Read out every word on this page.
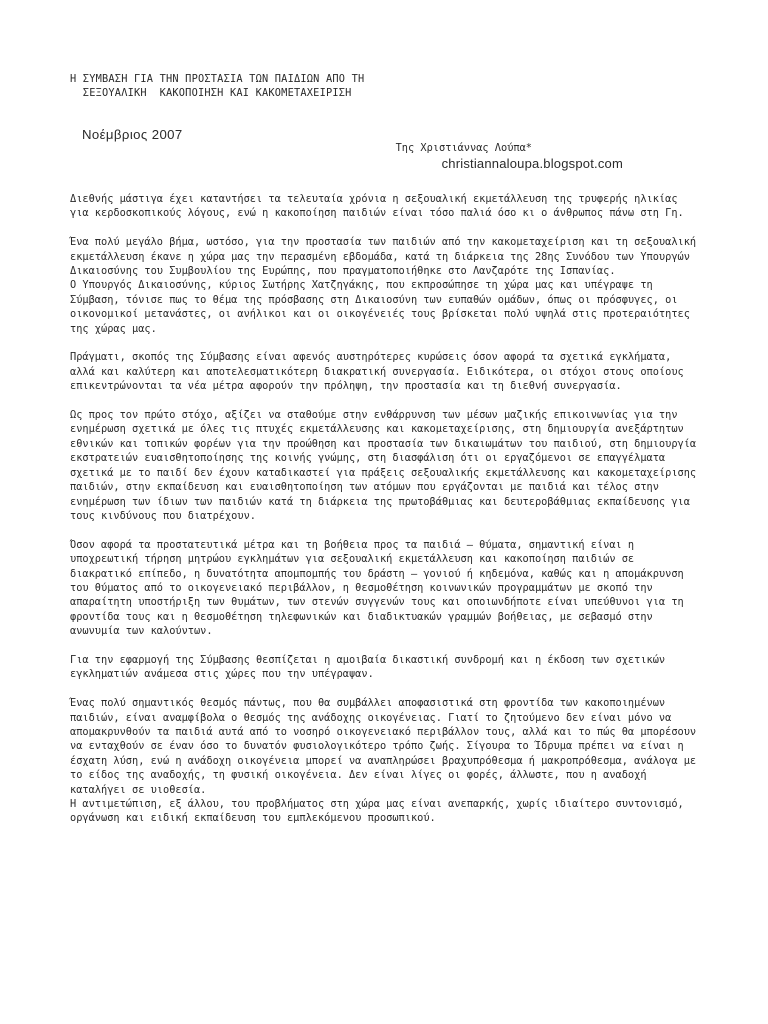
Η ΣΥΜΒΑΣΗ ΓΙΑ ΤΗΝ ΠΡΟΣΤΑΣΙΑ ΤΩΝ ΠΑΙΔΙΩΝ ΑΠΟ ΤΗ
ΣΕΞΟΥΑΛΙΚΗ  ΚΑΚΟΠΟΙΗΣΗ ΚΑΙ ΚΑΚΟΜΕΤΑΧΕΙΡΙΣΗ
Νοέμβριος 2007
Της Χριστιάννας Λούπα*
christiannaloupa.blogspot.com

Διεθνής μάστιγα έχει καταντήσει τα τελευταία χρόνια η σεξουαλική εκμετάλλευση της τρυφερής ηλικίας για κερδοσκοπικούς λόγους, ενώ η κακοποίηση παιδιών είναι τόσο παλιά όσο κι ο άνθρωπος πάνω στη Γη.

Ένα πολύ μεγάλο βήμα, ωστόσο, για την προστασία των παιδιών από την κακομεταχείριση και τη σεξουαλική εκμετάλλευση έκανε η χώρα μας την περασμένη εβδομάδα, κατά τη διάρκεια της 28ης Συνόδου των Υπουργών Δικαιοσύνης του Συμβουλίου της Ευρώπης, που πραγματοποιήθηκε στο Λανζαρότε της Ισπανίας.

Ο Υπουργός Δικαιοσύνης, κύριος Σωτήρης Χατζηγάκης, που εκπροσώπησε τη χώρα μας και υπέγραψε τη Σύμβαση, τόνισε πως το θέμα της πρόσβασης στη Δικαιοσύνη των ευπαθών ομάδων, όπως οι πρόσφυγες, οι οικονομικοί μετανάστες, οι ανήλικοι και οι οικογένειές τους βρίσκεται πολύ υψηλά στις προτεραιότητες της χώρας μας.

Πράγματι, σκοπός της Σύμβασης είναι αφενός αυστηρότερες κυρώσεις όσον αφορά τα σχετικά εγκλήματα, αλλά και καλύτερη και αποτελεσματικότερη διακρατική συνεργασία. Ειδικότερα, οι στόχοι στους οποίους επικεντρώνονται τα νέα μέτρα αφορούν την πρόληψη, την προστασία και τη διεθνή συνεργασία.

Ως προς τον πρώτο στόχο, αξίζει να σταθούμε στην ενθάρρυνση των μέσων μαζικής επικοινωνίας για την ενημέρωση σχετικά με όλες τις πτυχές εκμετάλλευσης και κακομεταχείρισης, στη δημιουργία ανεξάρτητων εθνικών και τοπικών φορέων για την προώθηση και προστασία των δικαιωμάτων του παιδιού, στη δημιουργία εκστρατειών ευαισθητοποίησης της κοινής γνώμης, στη διασφάλιση ότι οι εργαζόμενοι σε επαγγέλματα σχετικά με το παιδί δεν έχουν καταδικαστεί για πράξεις σεξουαλικής εκμετάλλευσης και κακομεταχείρισης παιδιών, στην εκπαίδευση και ευαισθητοποίηση των ατόμων που εργάζονται με παιδιά και τέλος στην ενημέρωση των ίδιων των παιδιών κατά τη διάρκεια της πρωτοβάθμιας και δευτεροβάθμιας εκπαίδευσης για τους κινδύνους που διατρέχουν.

Όσον αφορά τα προστατευτικά μέτρα και τη βοήθεια προς τα παιδιά — θύματα, σημαντική είναι η υποχρεωτική τήρηση μητρώου εγκλημάτων για σεξουαλική εκμετάλλευση και κακοποίηση παιδιών σε διακρατικό επίπεδο, η δυνατότητα απομπομπής του δράστη — γονιού ή κηδεμόνα, καθώς και η απομάκρυνση του θύματος από το οικογενειακό περιβάλλον, η θεσμοθέτηση κοινωνικών προγραμμάτων με σκοπό την απαραίτητη υποστήριξη των θυμάτων, των στενών συγγενών τους και οποιωνδήποτε είναι υπεύθυνοι για τη φροντίδα τους και η θεσμοθέτηση τηλεφωνικών και διαδικτυακών γραμμών βοήθειας, με σεβασμό στην ανωνυμία των καλούντων.

Για την εφαρμογή της Σύμβασης θεσπίζεται η αμοιβαία δικαστική συνδρομή και η έκδοση των σχετικών εγκληματιών ανάμεσα στις χώρες που την υπέγραψαν.

Ένας πολύ σημαντικός θεσμός πάντως, που θα συμβάλλει αποφασιστικά στη φροντίδα των κακοποιημένων παιδιών, είναι αναμφίβολα ο θεσμός της ανάδοχης οικογένειας. Γιατί το ζητούμενο δεν είναι μόνο να απομακρυνθούν τα παιδιά αυτά από το νοσηρό οικογενειακό περιβάλλον τους, αλλά και το πώς θα μπορέσουν να ενταχθούν σε έναν όσο το δυνατόν φυσιολογικότερο τρόπο ζωής. Σίγουρα το Ίδρυμα πρέπει να είναι η έσχατη λύση, ενώ η ανάδοχη οικογένεια μπορεί να αναπληρώσει βραχυπρόθεσμα ή μακροπρόθεσμα, ανάλογα με το είδος της αναδοχής, τη φυσική οικογένεια. Δεν είναι λίγες οι φορές, άλλωστε, που η αναδοχή καταλήγει σε υιοθεσία.

Η αντιμετώπιση, εξ άλλου, του προβλήματος στη χώρα μας είναι ανεπαρκής, χωρίς ιδιαίτερο συντονισμό, οργάνωση και ειδική εκπαίδευση του εμπλεκόμενου προσωπικού.
